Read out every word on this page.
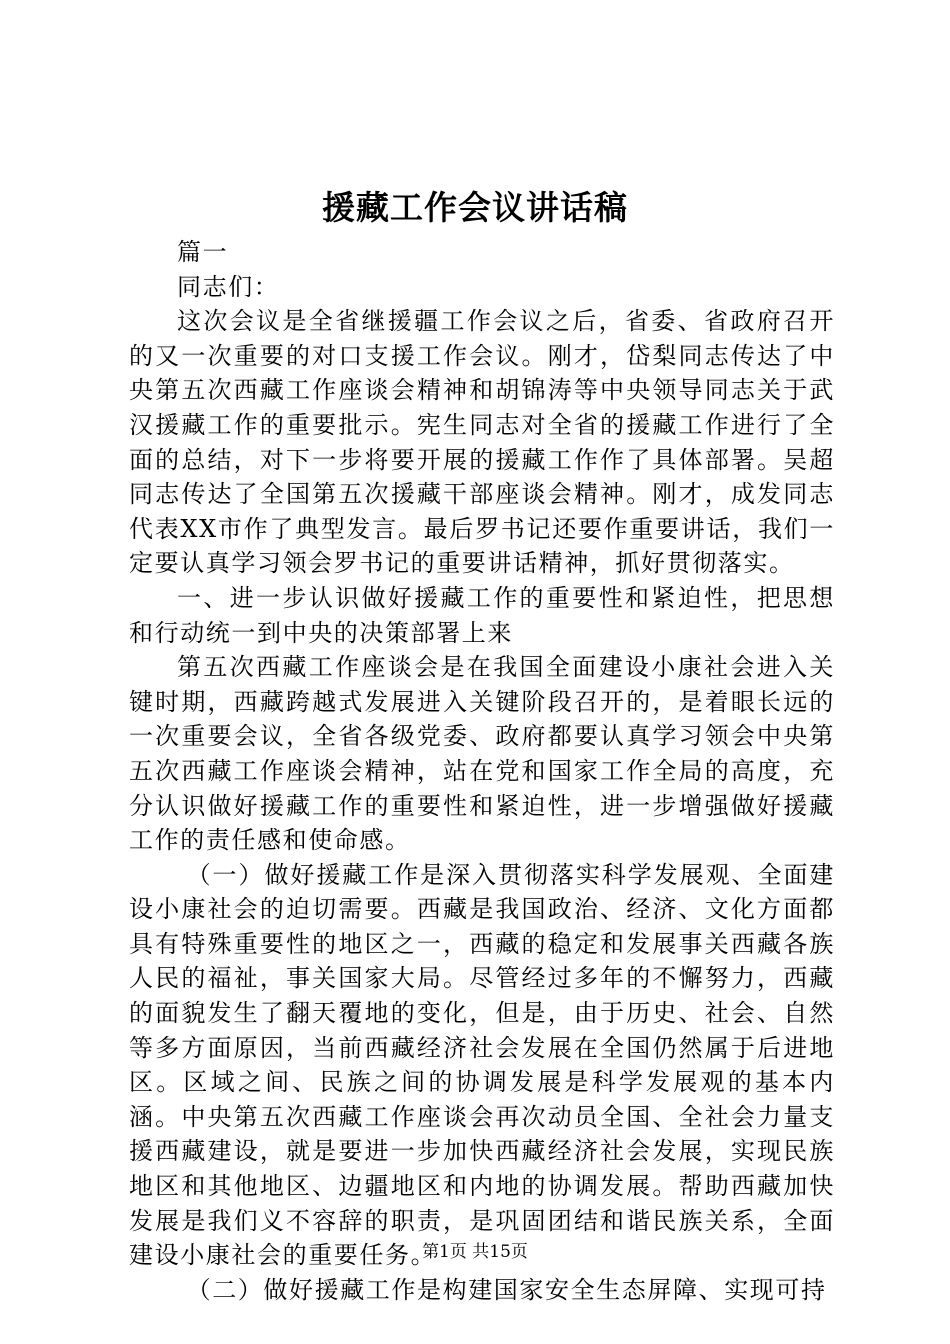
援藏工作会议讲话稿

篇一

同志们：

这次会议是全省继援疆工作会议之后，省委、省政府召开的又一次重要的对口支援工作会议。刚才，岱梨同志传达了中央第五次西藏工作座谈会精神和胡锦涛等中央领导同志关于武汉援藏工作的重要批示。宪生同志对全省的援藏工作进行了全面的总结，对下一步将要开展的援藏工作作了具体部署。吴超同志传达了全国第五次援藏干部座谈会精神。刚才，成发同志代表XX市作了典型发言。最后罗书记还要作重要讲话，我们一定要认真学习领会罗书记的重要讲话精神，抓好贯彻落实。

一、进一步认识做好援藏工作的重要性和紧迫性，把思想和行动统一到中央的决策部署上来

第五次西藏工作座谈会是在我国全面建设小康社会进入关键时期，西藏跨越式发展进入关键阶段召开的，是着眼长远的一次重要会议，全省各级党委、政府都要认真学习领会中央第五次西藏工作座谈会精神，站在党和国家工作全局的高度，充分认识做好援藏工作的重要性和紧迫性，进一步增强做好援藏工作的责任感和使命感。

（一）做好援藏工作是深入贯彻落实科学发展观、全面建设小康社会的迫切需要。西藏是我国政治、经济、文化方面都具有特殊重要性的地区之一，西藏的稳定和发展事关西藏各族人民的福祉，事关国家大局。尽管经过多年的不懈努力，西藏的面貌发生了翻天覆地的变化，但是，由于历史、社会、自然等多方面原因，当前西藏经济社会发展在全国仍然属于后进地区。区域之间、民族之间的协调发展是科学发展观的基本内涵。中央第五次西藏工作座谈会再次动员全国、全社会力量支援西藏建设，就是要进一步加快西藏经济社会发展，实现民族地区和其他地区、边疆地区和内地的协调发展。帮助西藏加快发展是我们义不容辞的职责，是巩固团结和谐民族关系，全面建设小康社会的重要任务。

（二）做好援藏工作是构建国家安全生态屏障、实现可持

第1页 共15页
